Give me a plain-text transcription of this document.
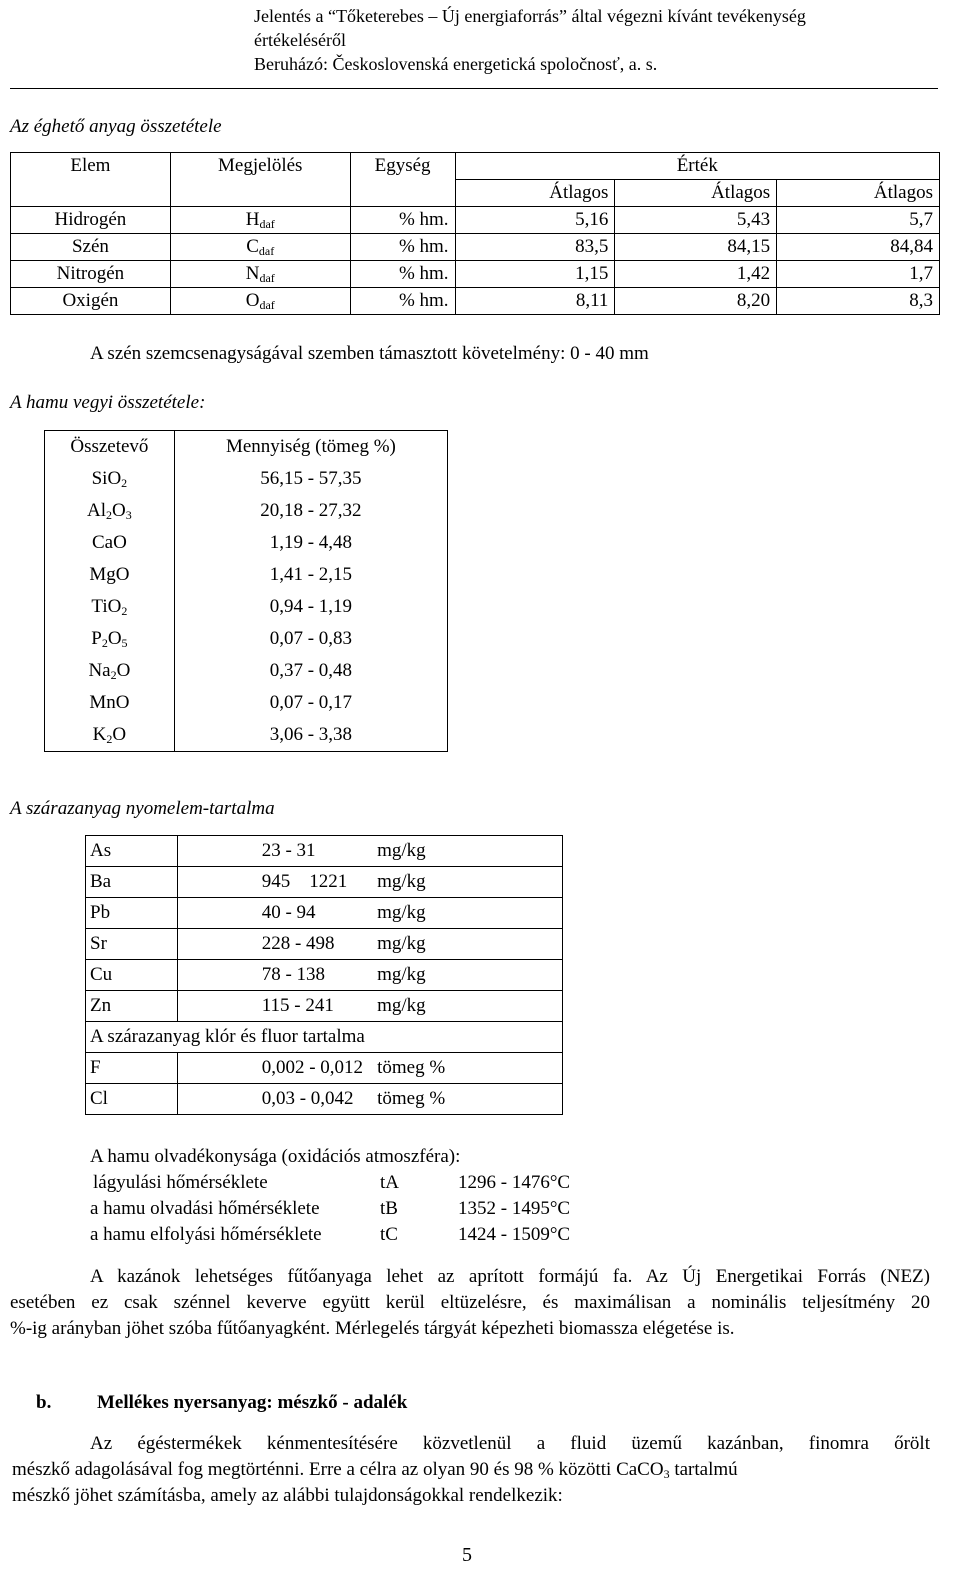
Jelentés a “Tőketerebes – Új energiaforrás” által végezni kívánt tevékenység
értékeléséről
Beruházó: Československá energetická spoločnosť, a. s.
Az éghető anyag összetétele
Elem	Megjelölés	Egység	Érték		
			Átlagos	Átlagos	Átlagos
Hidrogén	$H_{daf}$	% hm.	5,16	5,43	5,7
Szén	$C_{daf}$	% hm.	83,5	84,15	84,84
Nitrogén	$N_{daf}$	% hm.	1,15	1,42	1,7
Oxigén	$O_{daf}$	% hm.	8,11	8,20	8,3
A szén szemcsenagyságával szemben támasztott követelmény: 0 - 40 mm
A hamu vegyi összetétele:
Összetevő	Mennyiség (tömeg %)
SiO$_2$	56,15 - 57,35
$Al_2O_3$	20,18 - 27,32
CaO	1,19 - 4,48
MgO	1,41 - 2,15
TiO$_2$	0,94 - 1,19
$P_2O_5$	0,07 - 0,83
$Na_2O$	0,37 - 0,48
MnO	0,07 - 0,17
$K_2O$	3,06 - 3,38
A szárazanyag nyomelem-tartalma
As	23 - 31	mg/kg
Ba	945    1221	mg/kg
Pb	40 - 94	mg/kg
Sr	228 - 498	mg/kg
Cu	78 - 138	mg/kg
Zn	115 - 241	mg/kg
A szárazanyag klór és fluor tartalma		
F	0,002 - 0,012	tömeg %
Cl	0,03 - 0,042	tömeg %
A hamu olvadékonysága (oxidációs atmoszféra):
lágyulási hőmérséklete	tA	1296 - 1476°C
a hamu olvadási hőmérséklete	tB	1352 - 1495°C
a hamu elfolyási hőmérséklete	tC	1424 - 1509°C
A kazánok lehetséges fűtőanyaga lehet az aprított formájú fa. Az Új Energetikai Forrás (NEZ)
esetében ez csak szénnel keverve együtt kerül eltüzelésre, és maximálisan a nominális teljesítmény 20
%-ig arányban jöhet szóba fűtőanyagként. Mérlegelés tárgyát képezheti biomassza elégetése is.
b. Mellékes nyersanyag: mészkő - adalék
Az égéstermékek kénmentesítésére közvetlenül a fluid üzemű kazánban, finomra őrölt
mészkő adagolásával fog megtörténni. Erre a célra az olyan 90 és 98 % közötti CaCO$_3$ tartalmú
mészkő jöhet számításba, amely az alábbi tulajdonságokkal rendelkezik:
5
